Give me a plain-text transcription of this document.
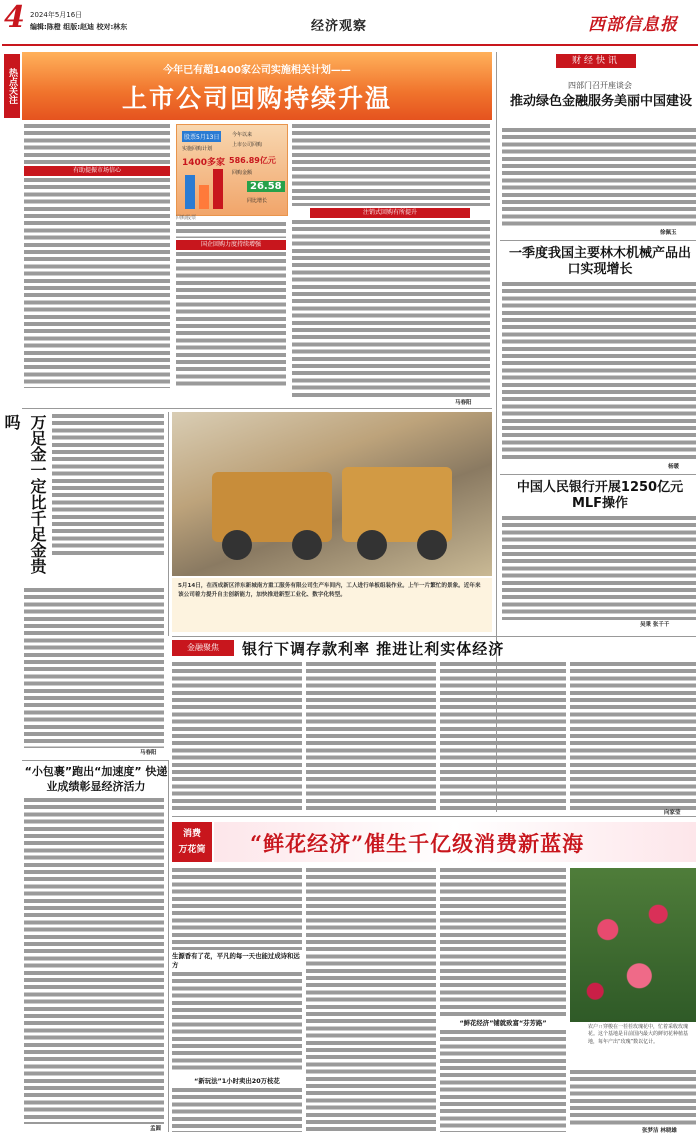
4 2024年5月16日
编辑:陈橙 组版:赵迪 校对:林东	经济观察	西部信息报
热点关注	今年已有超1400家公司实施相关计划——
上市公司回购持续升温
有助提振市场信心
股票5月13日
实施回购计划
1400多家
今年以来
上市公司回购
586.89亿元
回购金额
26.58
同比增长
回购股票
国企回购力度持续增强
注销式回购有所提升
马春阳
财经快讯
四部门召开座谈会
推动绿色金融服务美丽中国建设
徐佩玉
一季度我国主要林木机械产品出口实现增长
杨暖
中国人民银行开展1250亿元MLF操作
吴秉 张千千
万足金一定比千足金贵吗
马春阳
5月14日，在西成新区洋东新城南方重工服务有限公司生产车间内，工人进行单板组装作业。上午一片繁忙的景象。近年来该公司着力提升自主创新能力，加快推进新型工业化、数字化转型。
金融聚焦	银行下调存款利率 推进让利实体经济
向家莹
“小包裹”跑出“加速度” 快递业成绩彰显经济活力
孟圆
消费
万花筒	“鲜花经济”催生千亿级消费新蓝海
生源香有了花，平凡的每一天也能过成诗和远方
“新玩法”1小时卖出20万枝花
“鲜花经济”铺就致富“芬芳路”	农户ㄇ穿梭在一茬茬玫瑰花中，忙着采收玫瑰花。这个基地是目前国内最大的鲜切花种植基地，每年产出“玫瑰”数以亿计。
张梦洁 林晓雄
